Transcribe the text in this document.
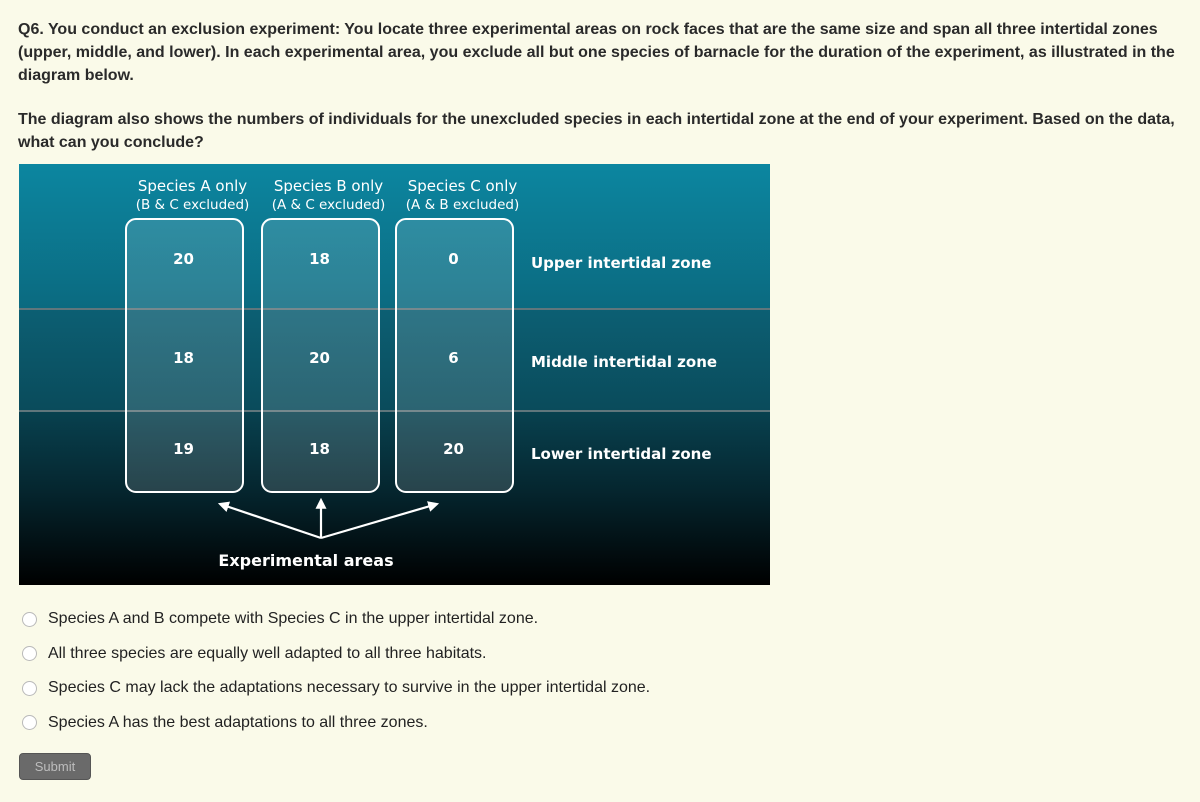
Q6. You conduct an exclusion experiment: You locate three experimental areas on rock faces that are the same size and span all three intertidal zones (upper, middle, and lower). In each experimental area, you exclude all but one species of barnacle for the duration of the experiment, as illustrated in the diagram below.

The diagram also shows the numbers of individuals for the unexcluded species in each intertidal zone at the end of your experiment. Based on the data, what can you conclude?

20
18
19
18
20
18
0
6
20
Species A only
(B & C excluded)
Species B only
(A & C excluded)
Species C only
(A & B excluded)
Upper intertidal zone
Middle intertidal zone
Lower intertidal zone
Experimental areas
Species A and B compete with Species C in the upper intertidal zone.
All three species are equally well adapted to all three habitats.
Species C may lack the adaptations necessary to survive in the upper intertidal zone.
Species A has the best adaptations to all three zones.
Submit
